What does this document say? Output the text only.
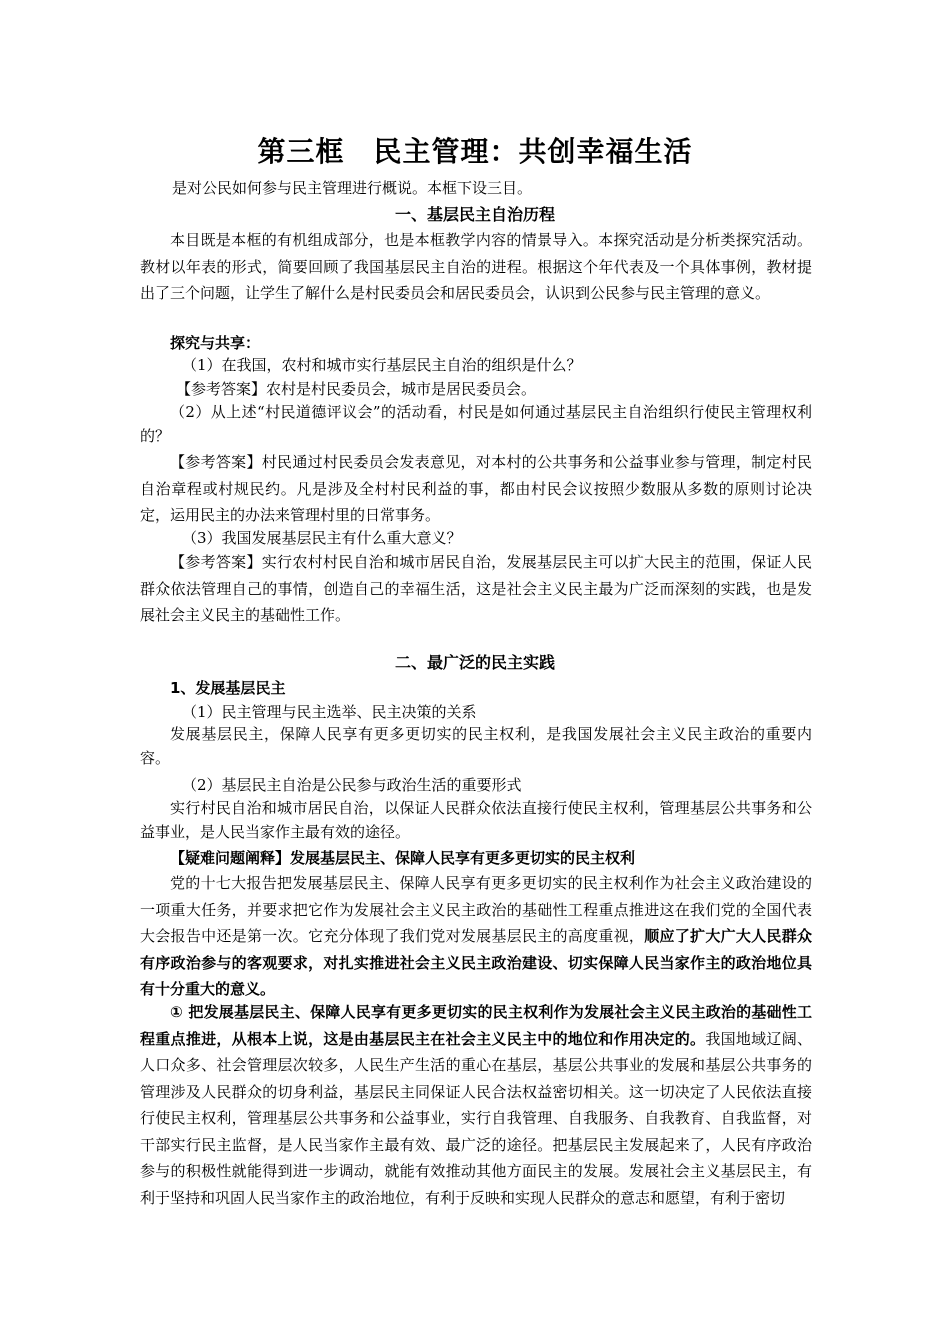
第三框　民主管理：共创幸福生活
是对公民如何参与民主管理进行概说。本框下设三目。
一、基层民主自治历程
本目既是本框的有机组成部分，也是本框教学内容的情景导入。本探究活动是分析类探究活动。教材以年表的形式，简要回顾了我国基层民主自治的进程。根据这个年代表及一个具体事例，教材提出了三个问题，让学生了解什么是村民委员会和居民委员会，认识到公民参与民主管理的意义。
探究与共享：
（1）在我国，农村和城市实行基层民主自治的组织是什么？
【参考答案】农村是村民委员会，城市是居民委员会。
（2）从上述“村民道德评议会”的活动看，村民是如何通过基层民主自治组织行使民主管理权利的？
【参考答案】村民通过村民委员会发表意见，对本村的公共事务和公益事业参与管理，制定村民自治章程或村规民约。凡是涉及全村村民利益的事，都由村民会议按照少数服从多数的原则讨论决定，运用民主的办法来管理村里的日常事务。
（3）我国发展基层民主有什么重大意义？
【参考答案】实行农村村民自治和城市居民自治，发展基层民主可以扩大民主的范围，保证人民群众依法管理自己的事情，创造自己的幸福生活，这是社会主义民主最为广泛而深刻的实践，也是发展社会主义民主的基础性工作。
二、最广泛的民主实践
1、发展基层民主
（1）民主管理与民主选举、民主决策的关系
发展基层民主，保障人民享有更多更切实的民主权利，是我国发展社会主义民主政治的重要内容。
（2）基层民主自治是公民参与政治生活的重要形式
实行村民自治和城市居民自治，以保证人民群众依法直接行使民主权利，管理基层公共事务和公益事业，是人民当家作主最有效的途径。
【疑难问题阐释】发展基层民主、保障人民享有更多更切实的民主权利
党的十七大报告把发展基层民主、保障人民享有更多更切实的民主权利作为社会主义政治建设的一项重大任务，并要求把它作为发展社会主义民主政治的基础性工程重点推进这在我们党的全国代表大会报告中还是第一次。它充分体现了我们党对发展基层民主的高度重视，顺应了扩大广大人民群众有序政治参与的客观要求，对扎实推进社会主义民主政治建设、切实保障人民当家作主的政治地位具有十分重大的意义。
① 把发展基层民主、保障人民享有更多更切实的民主权利作为发展社会主义民主政治的基础性工程重点推进，从根本上说，这是由基层民主在社会主义民主中的地位和作用决定的。我国地域辽阔、人口众多、社会管理层次较多，人民生产生活的重心在基层，基层公共事业的发展和基层公共事务的管理涉及人民群众的切身利益，基层民主同保证人民合法权益密切相关。这一切决定了人民依法直接行使民主权利，管理基层公共事务和公益事业，实行自我管理、自我服务、自我教育、自我监督，对干部实行民主监督，是人民当家作主最有效、最广泛的途径。把基层民主发展起来了，人民有序政治参与的积极性就能得到进一步调动，就能有效推动其他方面民主的发展。发展社会主义基层民主，有利于坚持和巩固人民当家作主的政治地位，有利于反映和实现人民群众的意志和愿望，有利于密切
